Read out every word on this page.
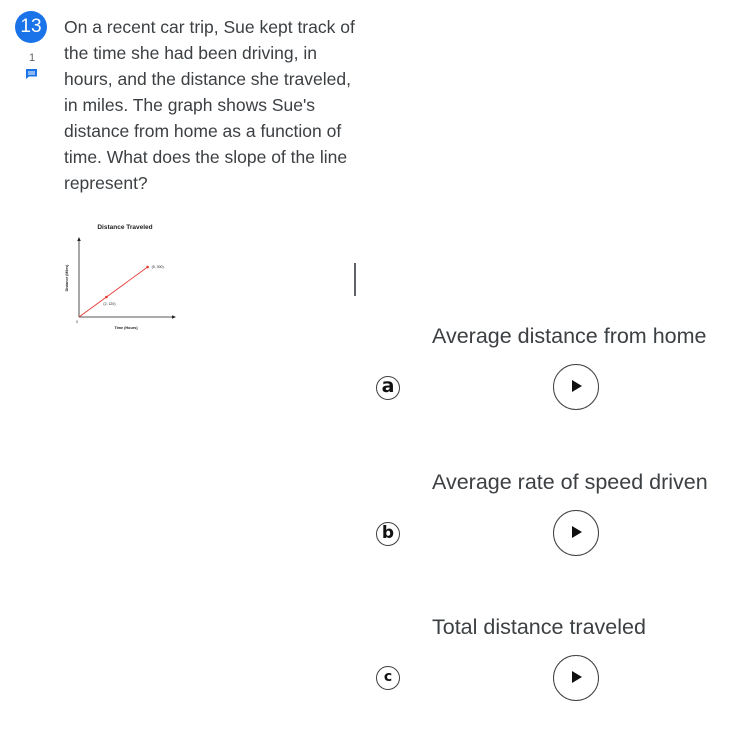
13
1
On a recent car trip, Sue kept track of the time she had been driving, in hours, and the distance she traveled, in miles. The graph shows Sue's distance from home as a function of time. What does the slope of the line represent?
Distance Traveled
Distance (Miles)
Time (Hours)
0
(2, 120)
(5, 300)
Average distance from home
a
Average rate of speed driven
b
Total distance traveled
c
